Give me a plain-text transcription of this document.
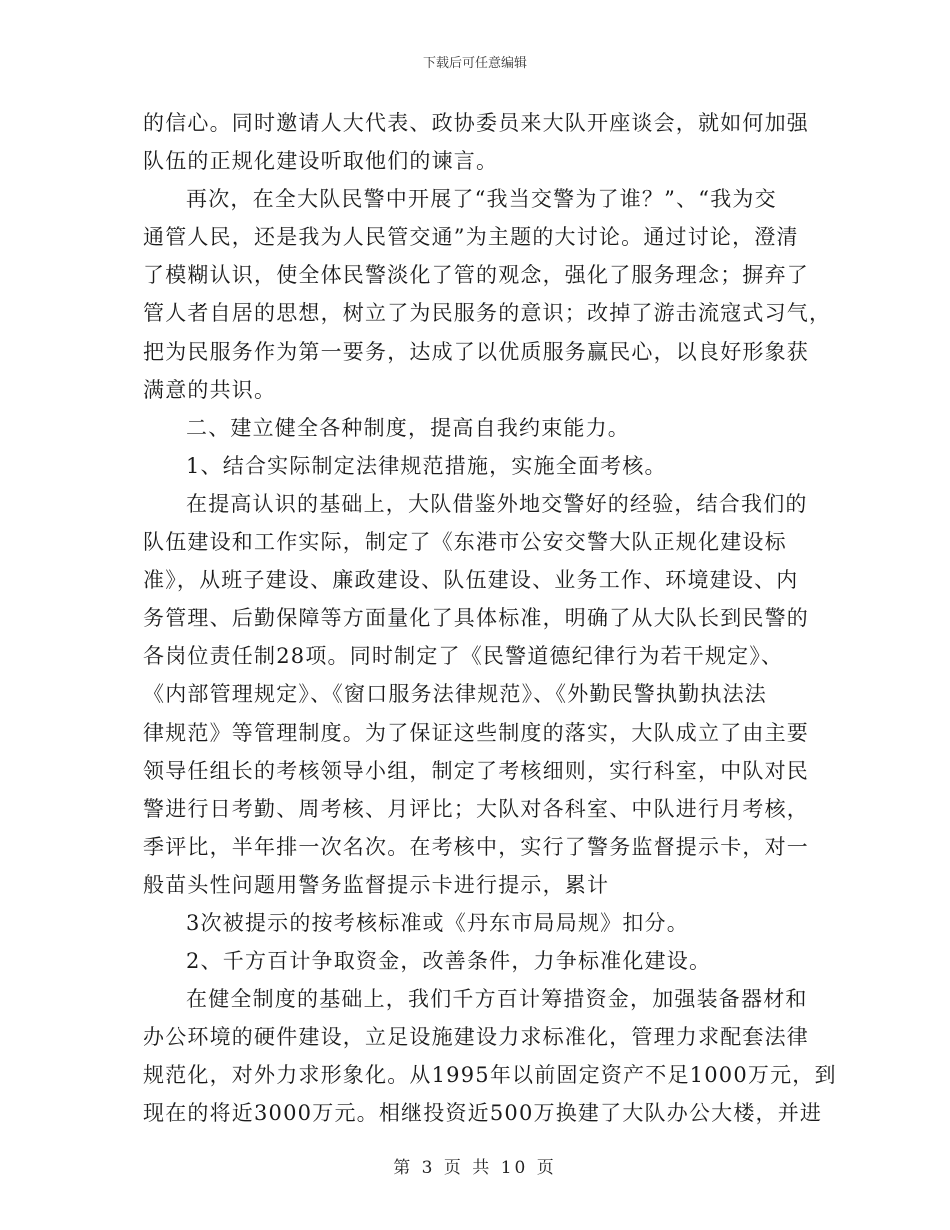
下载后可任意编辑
的信心。同时邀请人大代表、政协委员来大队开座谈会，就如何加强
队伍的正规化建设听取他们的谏言。
再次，在全大队民警中开展了“我当交警为了谁？”、“我为交
通管人民，还是我为人民管交通”为主题的大讨论。通过讨论，澄清
了模糊认识，使全体民警淡化了管的观念，强化了服务理念；摒弃了
管人者自居的思想，树立了为民服务的意识；改掉了游击流寇式习气，
把为民服务作为第一要务，达成了以优质服务赢民心，以良好形象获
满意的共识。
二、建立健全各种制度，提高自我约束能力。
1、结合实际制定法律规范措施，实施全面考核。
在提高认识的基础上，大队借鉴外地交警好的经验，结合我们的
队伍建设和工作实际，制定了《东港市公安交警大队正规化建设标
准》，从班子建设、廉政建设、队伍建设、业务工作、环境建设、内
务管理、后勤保障等方面量化了具体标准，明确了从大队长到民警的
各岗位责任制28项。同时制定了《民警道德纪律行为若干规定》、
《内部管理规定》、《窗口服务法律规范》、《外勤民警执勤执法法
律规范》等管理制度。为了保证这些制度的落实，大队成立了由主要
领导任组长的考核领导小组，制定了考核细则，实行科室，中队对民
警进行日考勤、周考核、月评比；大队对各科室、中队进行月考核，
季评比，半年排一次名次。在考核中，实行了警务监督提示卡，对一
般苗头性问题用警务监督提示卡进行提示，累计
3次被提示的按考核标准或《丹东市局局规》扣分。
2、千方百计争取资金，改善条件，力争标准化建设。
在健全制度的基础上，我们千方百计筹措资金，加强装备器材和
办公环境的硬件建设，立足设施建设力求标准化，管理力求配套法律
规范化，对外力求形象化。从1995年以前固定资产不足1000万元，到
现在的将近3000万元。相继投资近500万换建了大队办公大楼，并进
第 3 页 共 10 页
